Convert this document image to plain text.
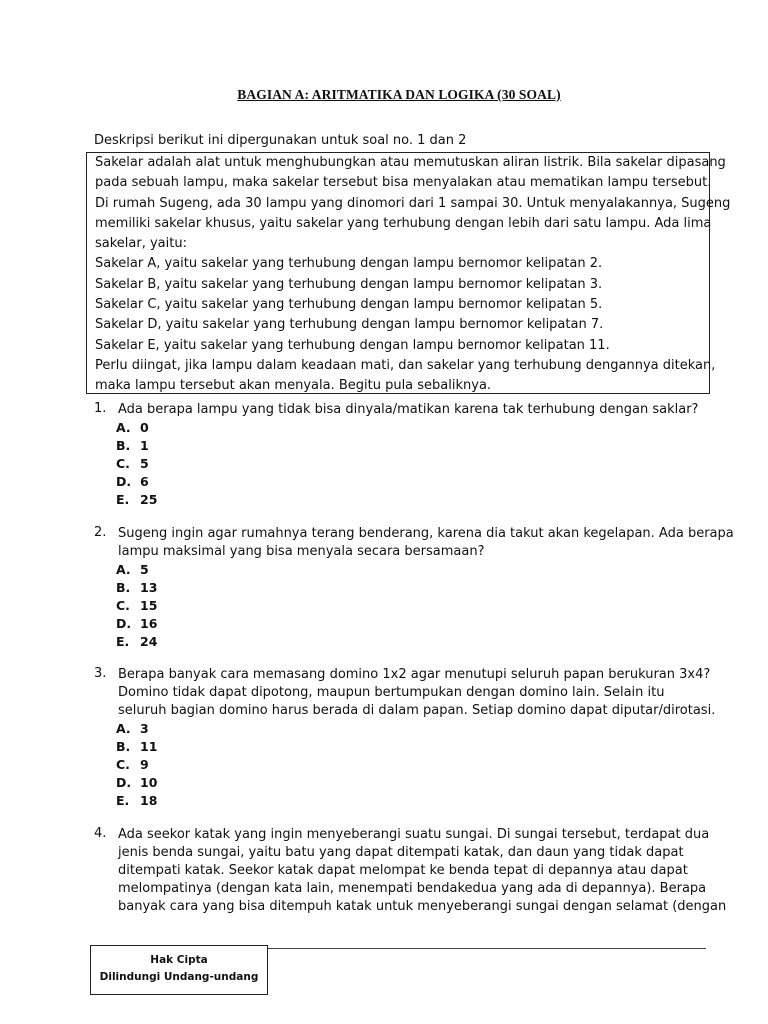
BAGIAN A: ARITMATIKA DAN LOGIKA (30 SOAL)
Deskripsi berikut ini dipergunakan untuk soal no. 1 dan 2

Sakelar adalah alat untuk menghubungkan atau memutuskan aliran listrik. Bila sakelar dipasang

pada sebuah lampu, maka sakelar tersebut bisa menyalakan atau mematikan lampu tersebut.

Di rumah Sugeng, ada 30 lampu yang dinomori dari 1 sampai 30. Untuk menyalakannya, Sugeng

memiliki sakelar khusus, yaitu sakelar yang terhubung dengan lebih dari satu lampu. Ada lima

sakelar, yaitu:

Sakelar A, yaitu sakelar yang terhubung dengan lampu bernomor kelipatan 2.

Sakelar B, yaitu sakelar yang terhubung dengan lampu bernomor kelipatan 3.

Sakelar C, yaitu sakelar yang terhubung dengan lampu bernomor kelipatan 5.

Sakelar D, yaitu sakelar yang terhubung dengan lampu bernomor kelipatan 7.

Sakelar E, yaitu sakelar yang terhubung dengan lampu bernomor kelipatan 11.

Perlu diingat, jika lampu dalam keadaan mati, dan sakelar yang terhubung dengannya ditekan,

maka lampu tersebut akan menyala. Begitu pula sebaliknya.

1. Ada berapa lampu yang tidak bisa dinyala/matikan karena tak terhubung dengan saklar?

A. 0
B. 1
C. 5
D. 6
E. 25
2. Sugeng ingin agar rumahnya terang benderang, karena dia takut akan kegelapan. Ada berapa

lampu maksimal yang bisa menyala secara bersamaan?

A. 5
B. 13
C. 15
D. 16
E. 24
3. Berapa banyak cara memasang domino 1x2 agar menutupi seluruh papan berukuran 3x4?

Domino tidak dapat dipotong, maupun bertumpukan dengan domino lain. Selain itu

seluruh bagian domino harus berada di dalam papan. Setiap domino dapat diputar/dirotasi.

A. 3
B. 11
C. 9
D. 10
E. 18
4. Ada seekor katak yang ingin menyeberangi suatu sungai. Di sungai tersebut, terdapat dua

jenis benda sungai, yaitu batu yang dapat ditempati katak, dan daun yang tidak dapat

ditempati katak. Seekor katak dapat melompat ke benda tepat di depannya atau dapat

melompatinya (dengan kata lain, menempati bendakedua yang ada di depannya). Berapa

banyak cara yang bisa ditempuh katak untuk menyeberangi sungai dengan selamat (dengan

Hak Cipta
Dilindungi Undang-undang
